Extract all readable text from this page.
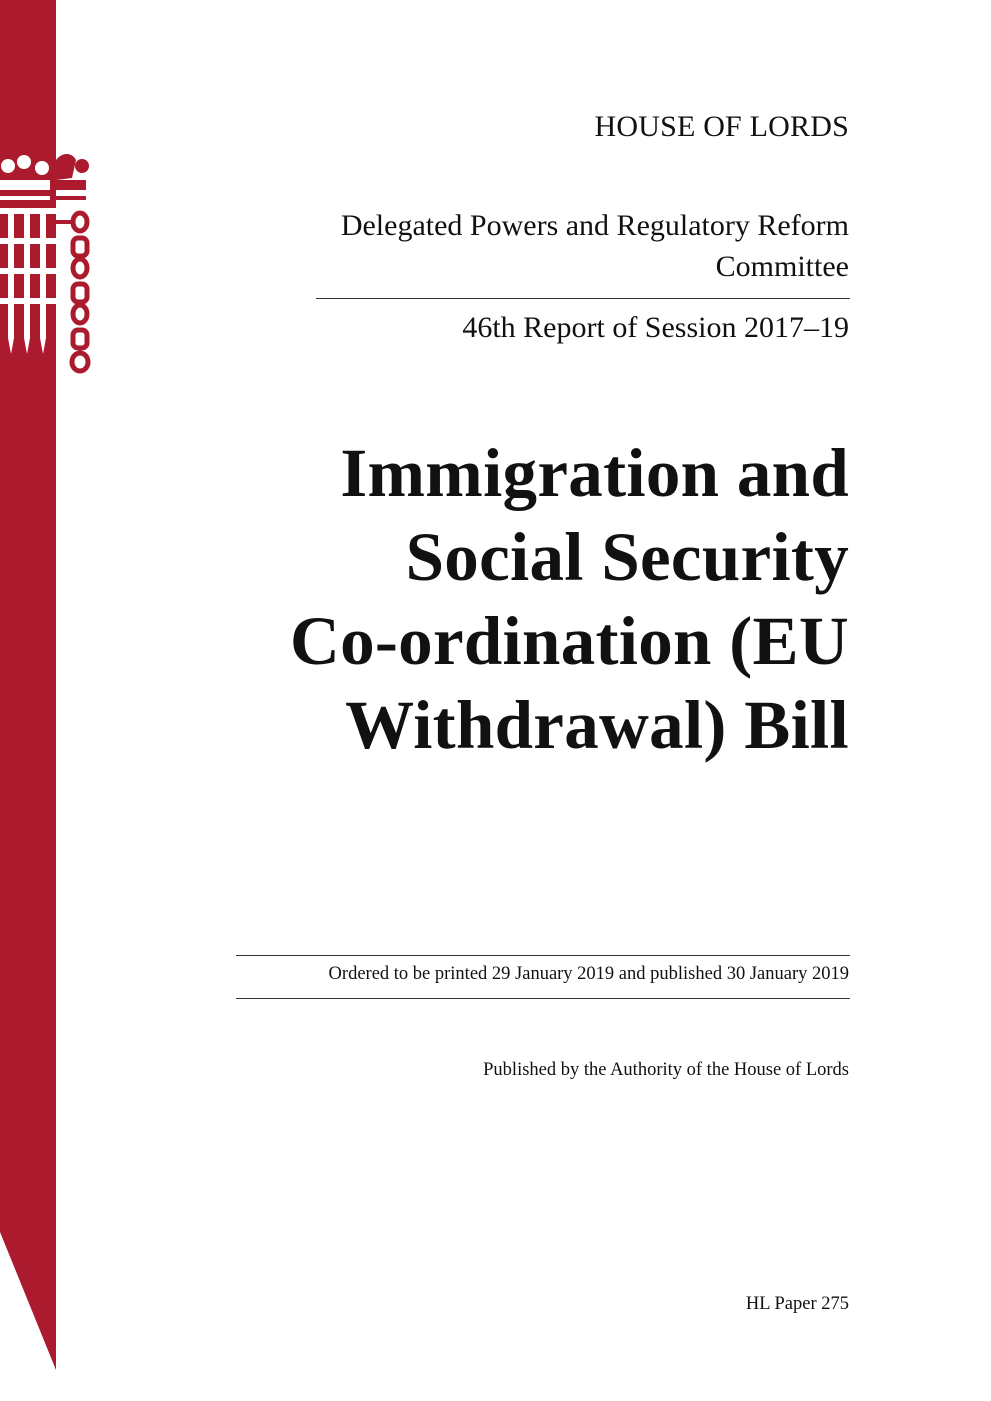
HOUSE OF LORDS
Delegated Powers and Regulatory Reform Committee
46th Report of Session 2017–19
Immigration and
Social Security
Co-ordination (EU
Withdrawal) Bill
Ordered to be printed 29 January 2019 and published 30 January 2019
Published by the Authority of the House of Lords
HL Paper 275
